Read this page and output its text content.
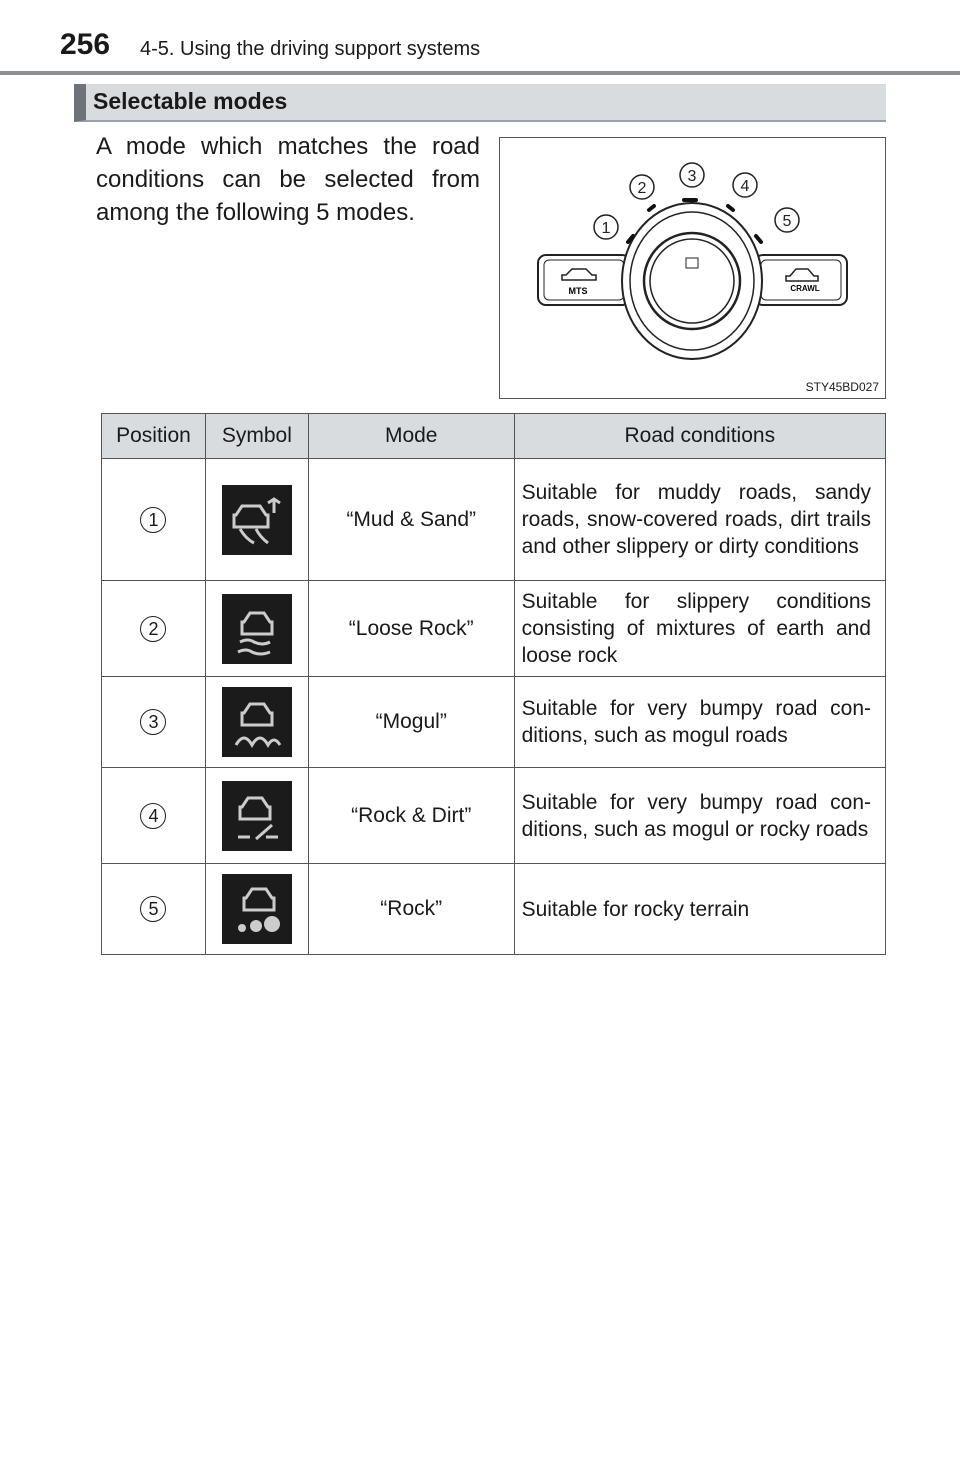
256 4-5. Using the driving support systems
Selectable modes
A mode which matches the road conditions can be selected from among the following 5 modes.
MTS	CRAWL
1
2
3
4
5
STY45BD027
Position	Symbol	Mode	Road conditions
1		“Mud & Sand”	Suitable for muddy roads, sandy roads, snow-covered roads, dirt trails and other slippery or dirty conditions
2		“Loose Rock”	Suitable for slippery conditions consisting of mixtures of earth and loose rock
3		“Mogul”	Suitable for very bumpy road con-ditions, such as mogul roads
4		“Rock & Dirt”	Suitable for very bumpy road con-ditions, such as mogul or rocky roads
5		“Rock”	Suitable for rocky terrain
